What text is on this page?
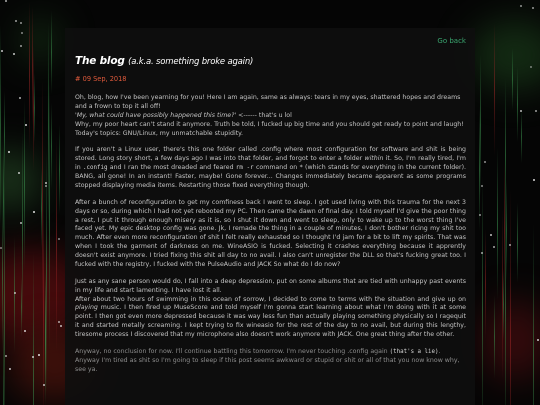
Go back
The blog (a.k.a. something broke again)
# 09 Sep, 2018

Oh, blog, how I've been yearning for you! Here I am again, same as always: tears in my eyes, shattered hopes and dreams and a frown to top it all off!
'My, what could have possibly happened this time?' <------ that's u lol
Why, my poor heart can't stand it anymore. Truth be told, I fucked up big time and you should get ready to point and laugh!
Today's topics: GNU/Linux, my unmatchable stupidity.

If you aren't a Linux user, there's this one folder called .config where most configuration for software and shit is being stored. Long story short, a few days ago I was into that folder, and forgot to enter a folder within it. So, I'm really tired, I'm in .config and I ran the most dreaded and feared rm -r command on * (which stands for everything in the current folder). BANG, all gone! In an instant! Faster, maybe! Gone forever... Changes immediately became apparent as some programs stopped displaying media items. Restarting those fixed everything though.

After a bunch of reconfiguration to get my comfiness back I went to sleep. I got used living with this trauma for the next 3 days or so, during which I had not yet rebooted my PC. Then came the dawn of final day. I told myself I'd give the poor thing a rest, I put it through enough misery as it is, so I shut it down and went to sleep, only to wake up to the worst thing I've faced yet. My epic desktop config was gone. Jk, I remade the thing in a couple of minutes, I don't bother ricing my shit too much. After even more reconfiguration of shit I felt really exhausted so I thought I'd jam for a bit to lift my spirits. That was when I took the garment of darkness on me. WineASIO is fucked. Selecting it crashes everything because it apprently doesn't exist anymore. I tried fixing this shit all day to no avail. I also can't unregister the DLL so that's fucking great too. I fucked with the registry, I fucked with the PulseAudio and JACK So what do I do now?

Just as any sane person would do, I fall into a deep depression, put on some albums that are tied with unhappy past events in my life and start lamenting. I have lost it all.
After about two hours of swimming in this ocean of sorrow, I decided to come to terms with the situation and give up on playing music. I then fired up MuseScore and told myself I'm gonna start learning about what I'm doing with it at some point. I then got even more depressed because it was way less fun than actually playing something physically so I ragequit it and started metally screaming. I kept trying to fix wineasio for the rest of the day to no avail, but during this lengthy, tiresome process I discovered that my microphone also doesn't work anymore with JACK. One great thing after the other.

Anyway, no conclusion for now. I'll continue battling this tomorrow. I'm never touching .config again (that's a lie). Anyway I'm tired as shit so I'm going to sleep if this post seems awkward or stupid or shit or all of that you now know why, see ya.
